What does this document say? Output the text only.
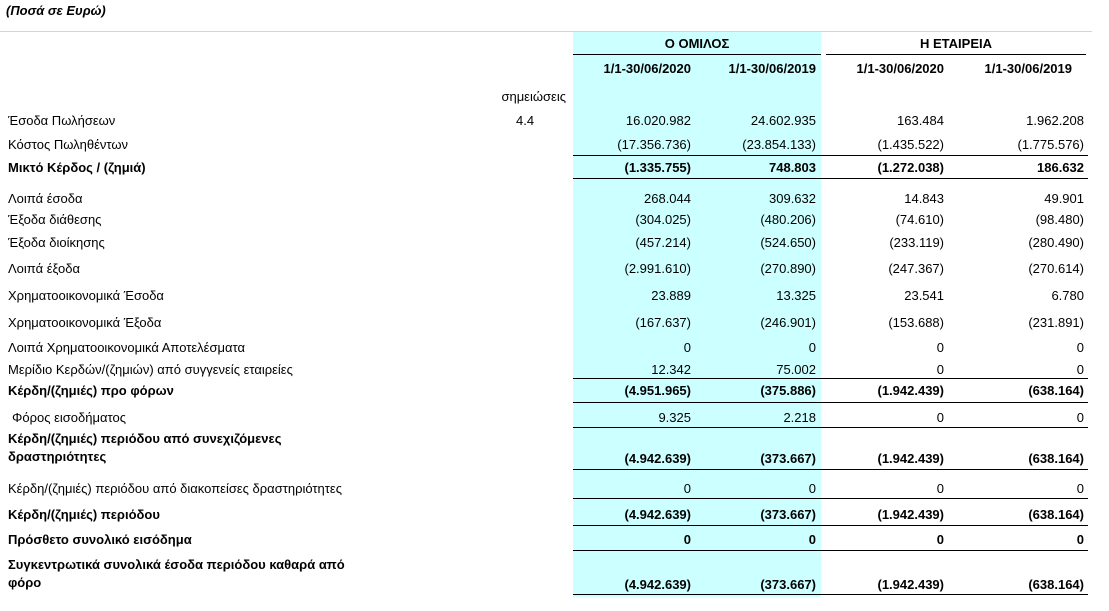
(Ποσά σε Ευρώ)
Ο ΟΜΙΛΟΣ	Η ΕΤΑΙΡΕΙΑ
1/1-30/06/2020	1/1-30/06/2019	1/1-30/06/2020	1/1-30/06/2019
σημειώσεις
Έσοδα Πωλήσεων	4.4	16.020.982	24.602.935	163.484	1.962.208
Κόστος Πωληθέντων	(17.356.736)	(23.854.133)	(1.435.522)	(1.775.576)
Μικτό Κέρδος / (ζημιά)	(1.335.755)	748.803	(1.272.038)	186.632
Λοιπά έσοδα	268.044	309.632	14.843	49.901
Έξοδα διάθεσης	(304.025)	(480.206)	(74.610)	(98.480)
Έξοδα διοίκησης	(457.214)	(524.650)	(233.119)	(280.490)
Λοιπά έξοδα	(2.991.610)	(270.890)	(247.367)	(270.614)
Χρηματοοικονομικά Έσοδα	23.889	13.325	23.541	6.780
Χρηματοοικονομικά Έξοδα	(167.637)	(246.901)	(153.688)	(231.891)
Λοιπά Χρηματοοικονομικά Αποτελέσματα	0	0	0	0
Μερίδιο Κερδών/(ζημιών) από συγγενείς εταιρείες	12.342	75.002	0	0
Κέρδη/(ζημιές) προ φόρων	(4.951.965)	(375.886)	(1.942.439)	(638.164)
Φόρος εισοδήματος	9.325	2.218	0	0
Κέρδη/(ζημιές) περιόδου από συνεχιζόμενες
δραστηριότητες	(4.942.639)	(373.667)	(1.942.439)	(638.164)
Κέρδη/(ζημιές) περιόδου από διακοπείσες δραστηριότητες	0	0	0	0
Κέρδη/(ζημιές) περιόδου	(4.942.639)	(373.667)	(1.942.439)	(638.164)
Πρόσθετο συνολικό εισόδημα	0	0	0	0
Συγκεντρωτικά συνολικά έσοδα περιόδου καθαρά από
φόρο	(4.942.639)	(373.667)	(1.942.439)	(638.164)
